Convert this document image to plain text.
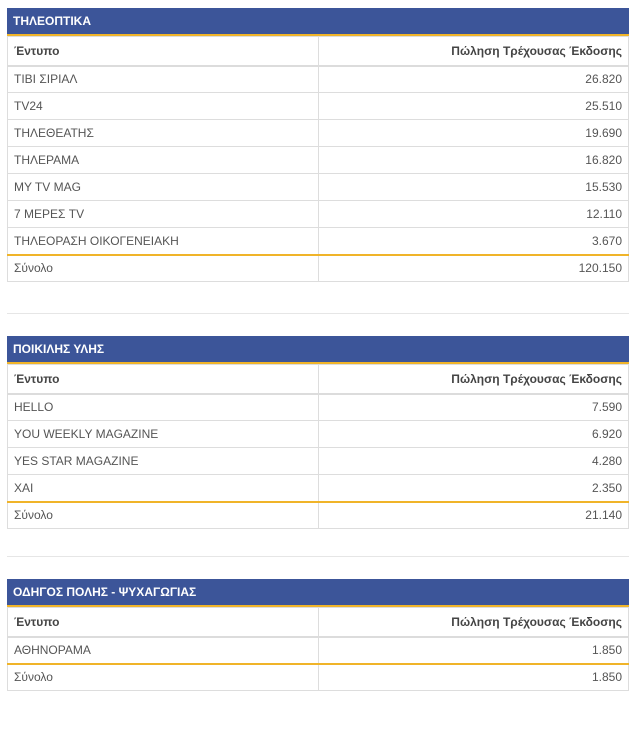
ΤΗΛΕΟΠΤΙΚΑ
Έντυπο	Πώληση Τρέχουσας Έκδοσης
ΤΙΒΙ ΣΙΡΙΑΛ	26.820
TV24	25.510
ΤΗΛΕΘΕΑΤΗΣ	19.690
ΤΗΛΕΡΑΜΑ	16.820
MY TV MAG	15.530
7 ΜΕΡΕΣ TV	12.110
ΤΗΛΕΟΡΑΣΗ ΟΙΚΟΓΕΝΕΙΑΚΗ	3.670
Σύνολο	120.150
ΠΟΙΚΙΛΗΣ ΥΛΗΣ
Έντυπο	Πώληση Τρέχουσας Έκδοσης
HELLO	7.590
YOU WEEKLY MAGAZINE	6.920
YES STAR MAGAZINE	4.280
ΧΑΙ	2.350
Σύνολο	21.140
ΟΔΗΓΟΣ ΠΟΛΗΣ - ΨΥΧΑΓΩΓΙΑΣ
Έντυπο	Πώληση Τρέχουσας Έκδοσης
ΑΘΗΝΟΡΑΜΑ	1.850
Σύνολο	1.850
